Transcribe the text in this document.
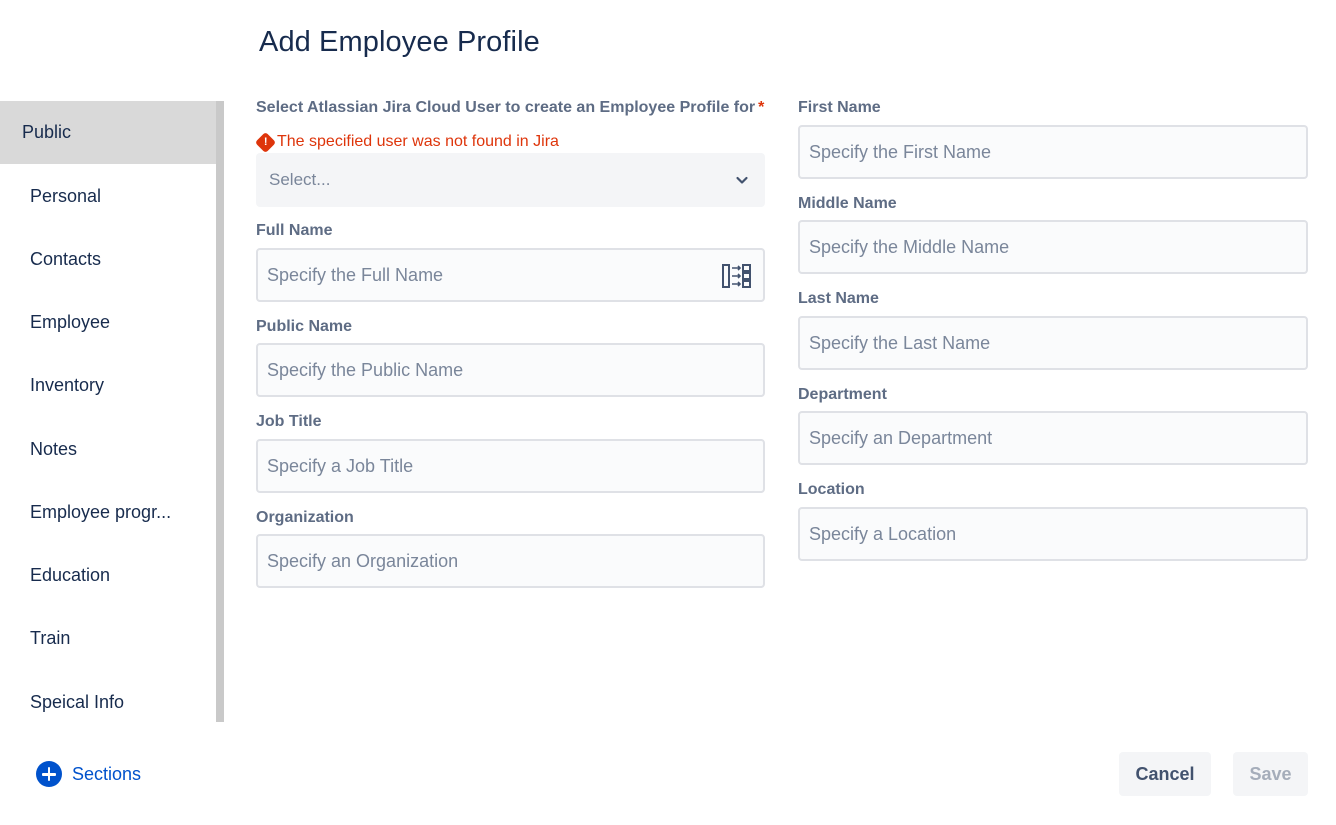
Add Employee Profile
Public
Personal
Contacts
Employee
Inventory
Notes
Employee progr...
Education
Train
Speical Info
Sections
Select Atlassian Jira Cloud User to create an Employee Profile for *
! The specified user was not found in Jira
Select...
Full Name
Specify the Full Name
Public Name
Specify the Public Name
Job Title
Specify a Job Title
Organization
Specify an Organization
First Name
Specify the First Name
Middle Name
Specify the Middle Name
Last Name
Specify the Last Name
Department
Specify an Department
Location
Specify a Location
Cancel	Save
